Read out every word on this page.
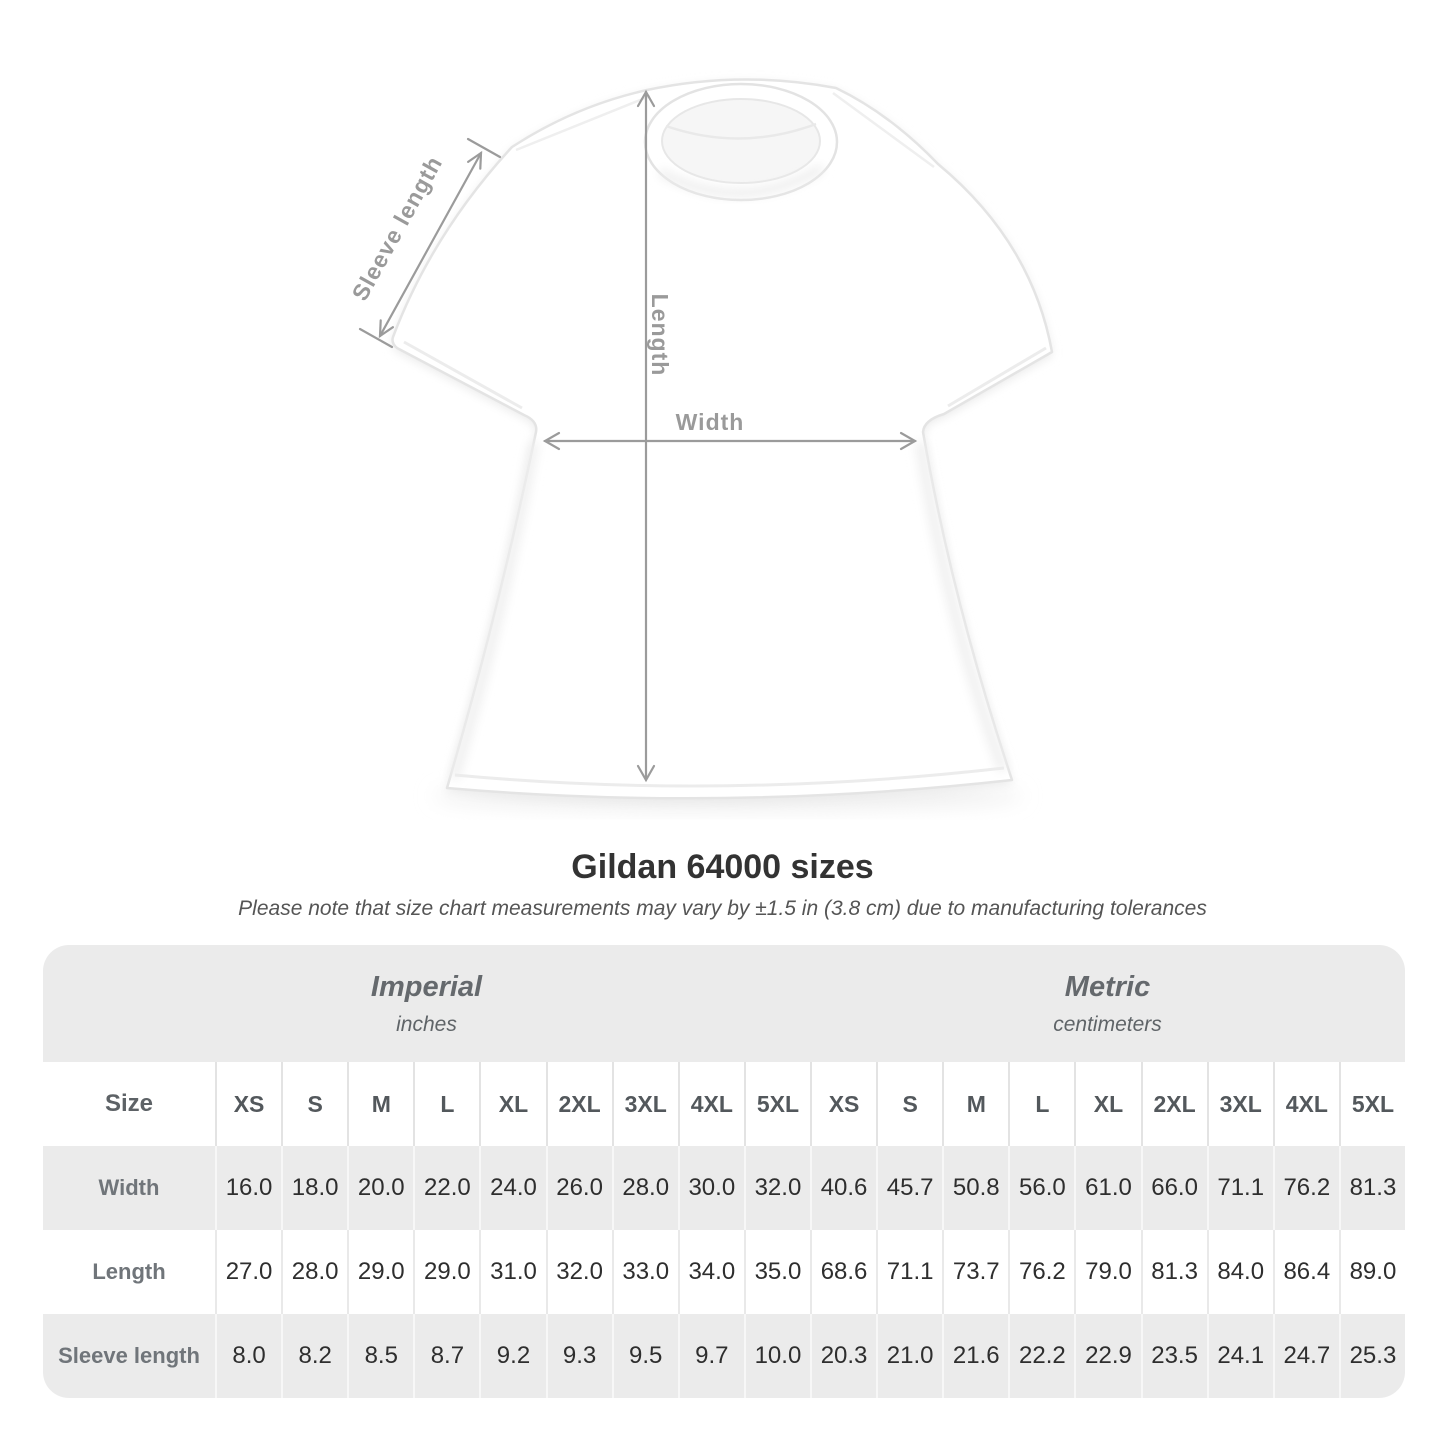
Width
Length
Sleeve length
Gildan 64000 sizes

Please note that size chart measurements may vary by ±1.5 in (3.8 cm) due to manufacturing tolerances

Imperial
inches
Metric
centimeters
Size	XS	S	M	L	XL	2XL	3XL	4XL	5XL	XS	S	M	L	XL	2XL	3XL	4XL	5XL
Width	16.0 18.0 20.0 22.0 24.0 26.0 28.0 30.0 32.0 40.6 45.7 50.8 56.0 61.0 66.0 71.1 76.2 81.3
Length	27.0 28.0 29.0 29.0 31.0 32.0 33.0 34.0 35.0 68.6 71.1 73.7 76.2 79.0 81.3 84.0 86.4 89.0
Sleeve length	8.0	8.2	8.5	8.7	9.2	9.3	9.5	9.7	10.0 20.3 21.0 21.6 22.2 22.9 23.5 24.1 24.7 25.3
